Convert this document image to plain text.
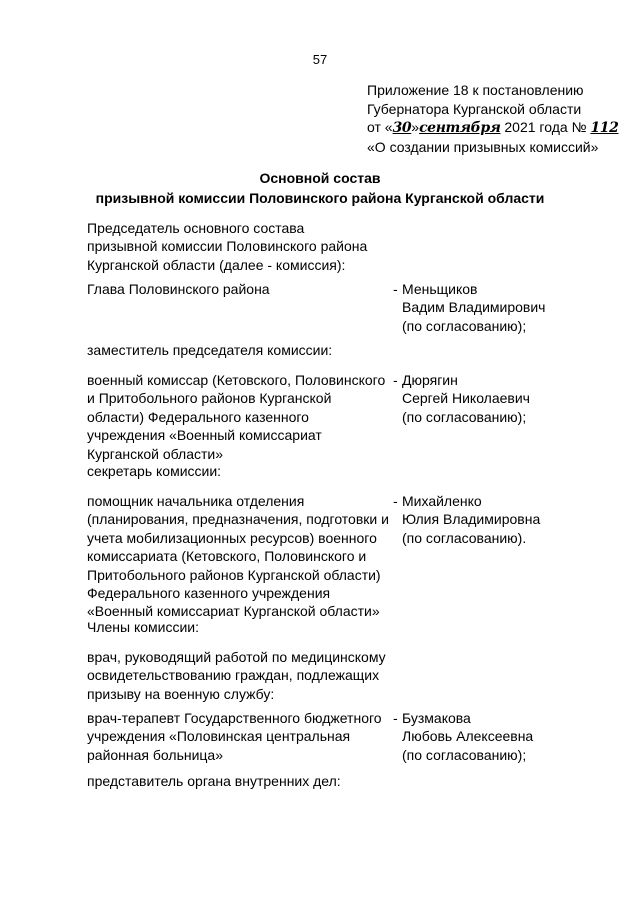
57
Приложение 18 к постановлению
Губернатора Курганской области
от «30»сентября 2021 года № 112
«О создании призывных комиссий»
Основной состав
призывной комиссии Половинского района Курганской области
Председатель основного состава
призывной комиссии Половинского района
Курганской области (далее - комиссия):
Глава Половинского района	- Меньщиков
Вадим Владимирович
(по согласованию);
заместитель председателя комиссии:
военный комиссар (Кетовского, Половинского
и Притобольного районов Курганской
области) Федерального казенного
учреждения «Военный комиссариат
Курганской области»
- Дюрягин
Сергей Николаевич
(по согласованию);
секретарь комиссии:
помощник начальника отделения
(планирования, предназначения, подготовки и
учета мобилизационных ресурсов) военного
комиссариата (Кетовского, Половинского и
Притобольного районов Курганской области)
Федерального казенного учреждения
«Военный комиссариат Курганской области»
- Михайленко
Юлия Владимировна
(по согласованию).
Члены комиссии:
врач, руководящий работой по медицинскому
освидетельствованию граждан, подлежащих
призыву на военную службу:
врач-терапевт Государственного бюджетного
учреждения «Половинская центральная
районная больница»
- Бузмакова
Любовь Алексеевна
(по согласованию);
представитель органа внутренних дел:
